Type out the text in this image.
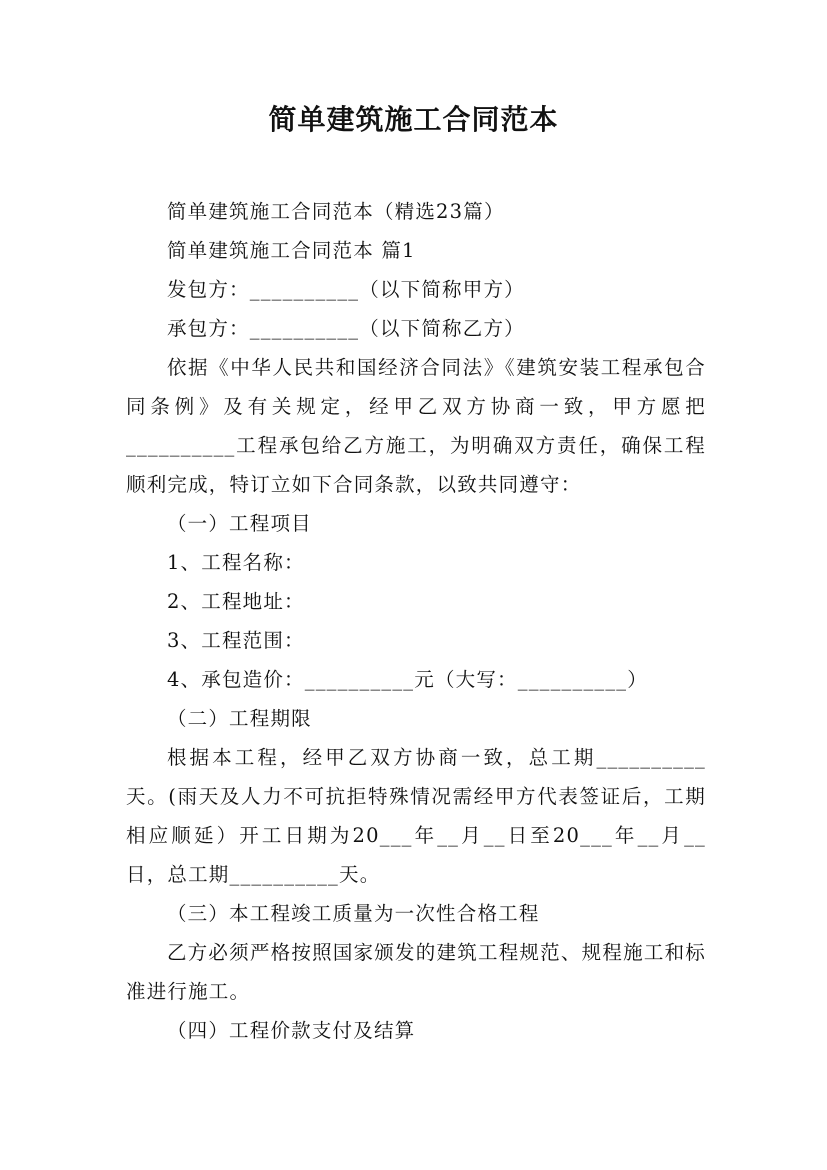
简单建筑施工合同范本

简单建筑施工合同范本（精选23篇）

简单建筑施工合同范本 篇1

发包方：__________（以下简称甲方）

承包方：__________（以下简称乙方）

依据《中华人民共和国经济合同法》《建筑安装工程承包合同条例》及有关规定，经甲乙双方协商一致，甲方愿把__________工程承包给乙方施工，为明确双方责任，确保工程顺利完成，特订立如下合同条款，以致共同遵守：

（一）工程项目

1、工程名称：

2、工程地址：

3、工程范围：

4、承包造价：__________元（大写：__________）

（二）工程期限

根据本工程，经甲乙双方协商一致，总工期__________天。(雨天及人力不可抗拒特殊情况需经甲方代表签证后，工期相应顺延）开工日期为20___年__月__日至20___年__月__日，总工期__________天。

（三）本工程竣工质量为一次性合格工程

乙方必须严格按照国家颁发的建筑工程规范、规程施工和标准进行施工。

（四）工程价款支付及结算
